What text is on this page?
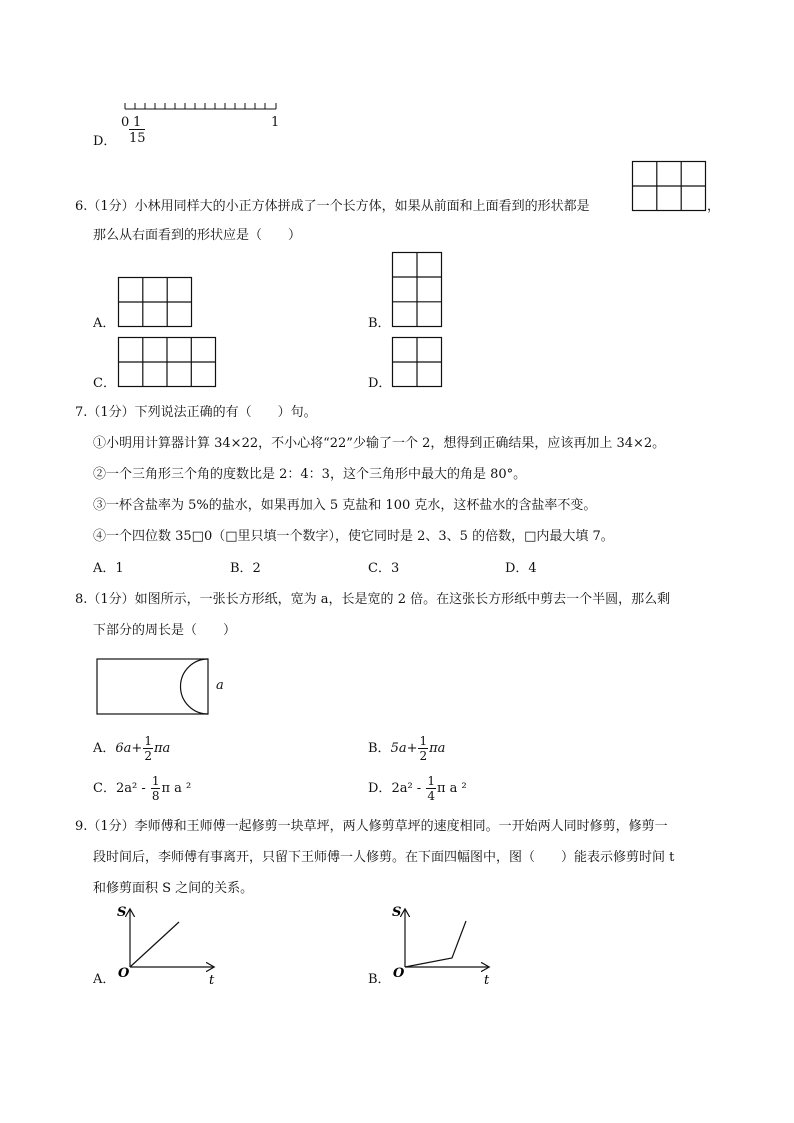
0 1
15
1
D．
6.（1分）小林用同样大的小正方体拼成了一个长方体，如果从前面和上面看到的形状都是	，
那么从右面看到的形状应是（　　）
A．	B．
C．	D．
7.（1分）下列说法正确的有（　　）句。
①小明用计算器计算 34×22，不小心将“22”少输了一个 2，想得到正确结果，应该再加上 34×2。
②一个三角形三个角的度数比是 2：4：3，这个三角形中最大的角是 80°。
③一杯含盐率为 5%的盐水，如果再加入 5 克盐和 100 克水，这杯盐水的含盐率不变。
④一个四位数 35□0（□里只填一个数字），使它同时是 2、3、5 的倍数，□内最大填 7。
A．1	B．2	C．3	D．4
8.（1分）如图所示，一张长方形纸，宽为 a，长是宽的 2 倍。在这张长方形纸中剪去一个半圆，那么剩
下部分的周长是（　　）
a
A．$6a+ \frac{1}{2}$ πa	B．$5a+ \frac{1}{2}$ πa
C．$2a^2 - \frac{1}{8}$ π a ²	D．$2a^2 - \frac{1}{4}$ π a ²
9.（1分）李师傅和王师傅一起修剪一块草坪，两人修剪草坪的速度相同。一开始两人同时修剪，修剪一
段时间后，李师傅有事离开，只留下王师傅一人修剪。在下面四幅图中，图（　　）能表示修剪时间 t
和修剪面积 S 之间的关系。
S
O	t
A．
S
O	t
B．
